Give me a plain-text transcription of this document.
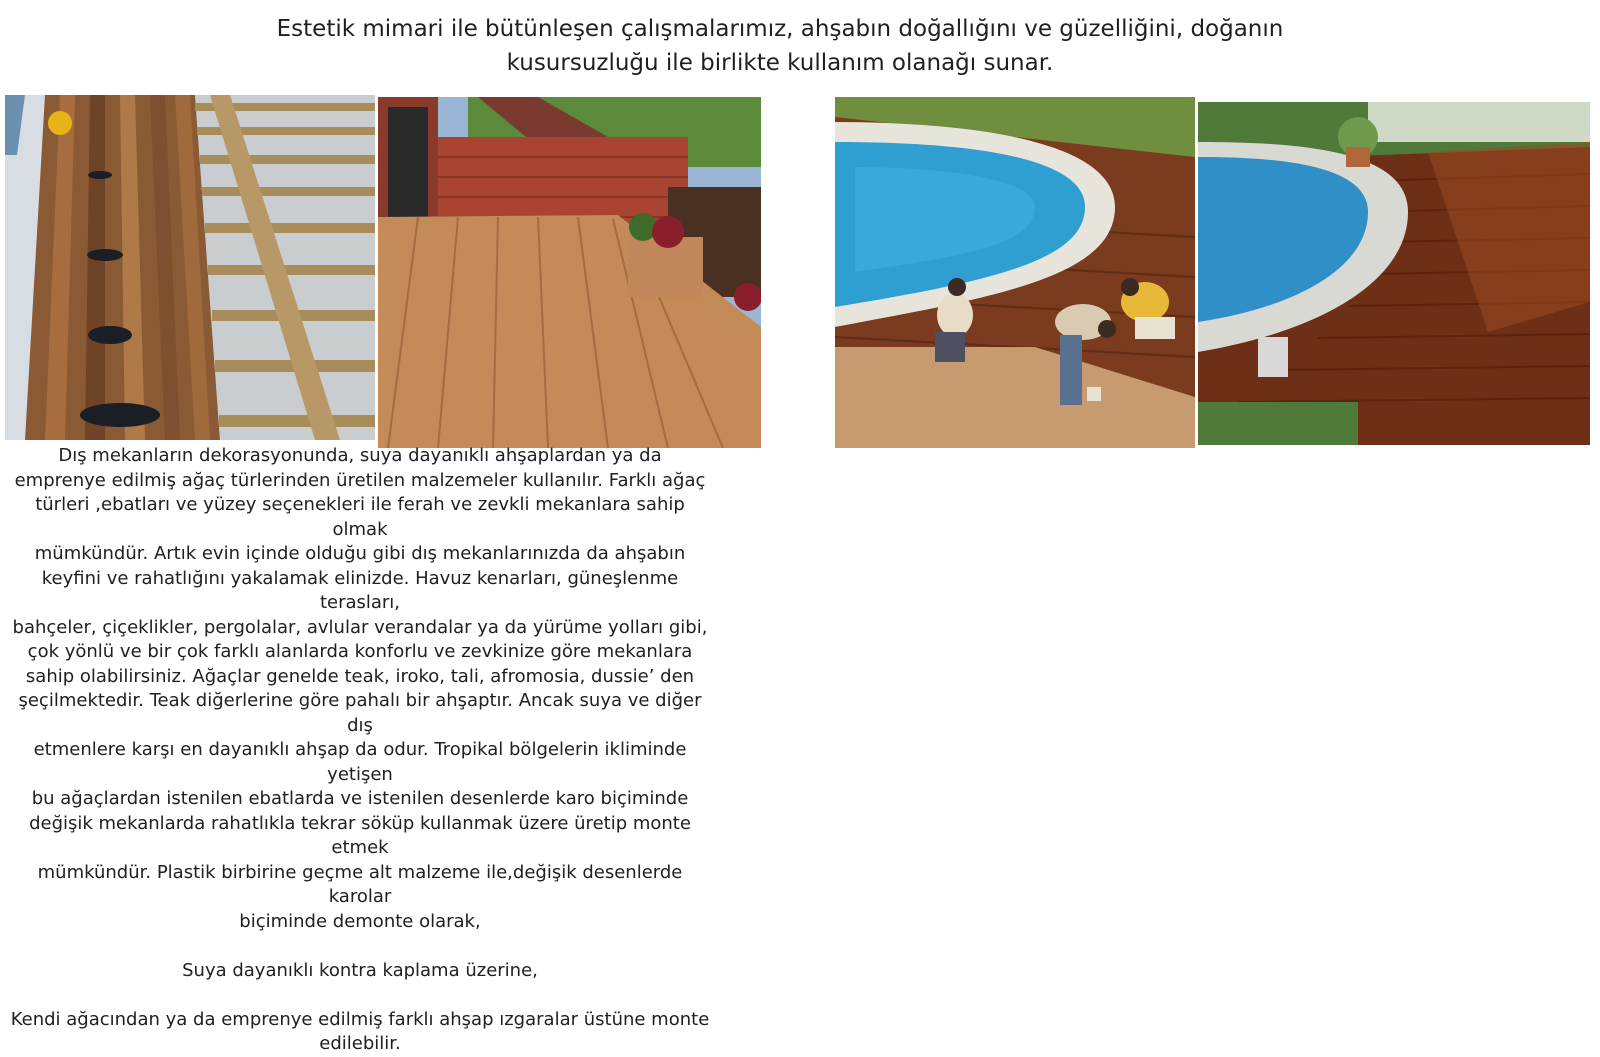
Estetik mimari ile bütünleşen çalışmalarımız, ahşabın doğallığını ve güzelliğini, doğanın
kusursuzluğu ile birlikte kullanım olanağı sunar.

Dış mekanların dekorasyonunda, suya dayanıklı ahşaplardan ya da

emprenye edilmiş ağaç türlerinden üretilen malzemeler kullanılır. Farklı ağaç

türleri ,ebatları ve yüzey seçenekleri ile ferah ve zevkli mekanlara sahip olmak

mümkündür. Artık evin içinde olduğu gibi dış mekanlarınızda da ahşabın

keyfini ve rahatlığını yakalamak elinizde. Havuz kenarları, güneşlenme terasları,

bahçeler, çiçeklikler, pergolalar, avlular verandalar ya da yürüme yolları gibi,

çok yönlü ve bir çok farklı alanlarda konforlu ve zevkinize göre mekanlara

sahip olabilirsiniz. Ağaçlar genelde teak, iroko, tali, afromosia, dussie’ den

şeçilmektedir. Teak diğerlerine göre pahalı bir ahşaptır. Ancak suya ve diğer dış

etmenlere karşı en dayanıklı ahşap da odur. Tropikal bölgelerin ikliminde yetişen

bu ağaçlardan istenilen ebatlarda ve istenilen desenlerde karo biçiminde

değişik mekanlarda rahatlıkla tekrar söküp kullanmak üzere üretip monte etmek

mümkündür. Plastik birbirine geçme alt malzeme ile,değişik desenlerde karolar

biçiminde demonte olarak,

Suya dayanıklı kontra kaplama üzerine,

Kendi ağacından ya da emprenye edilmiş farklı ahşap ızgaralar üstüne monte

edilebilir.
